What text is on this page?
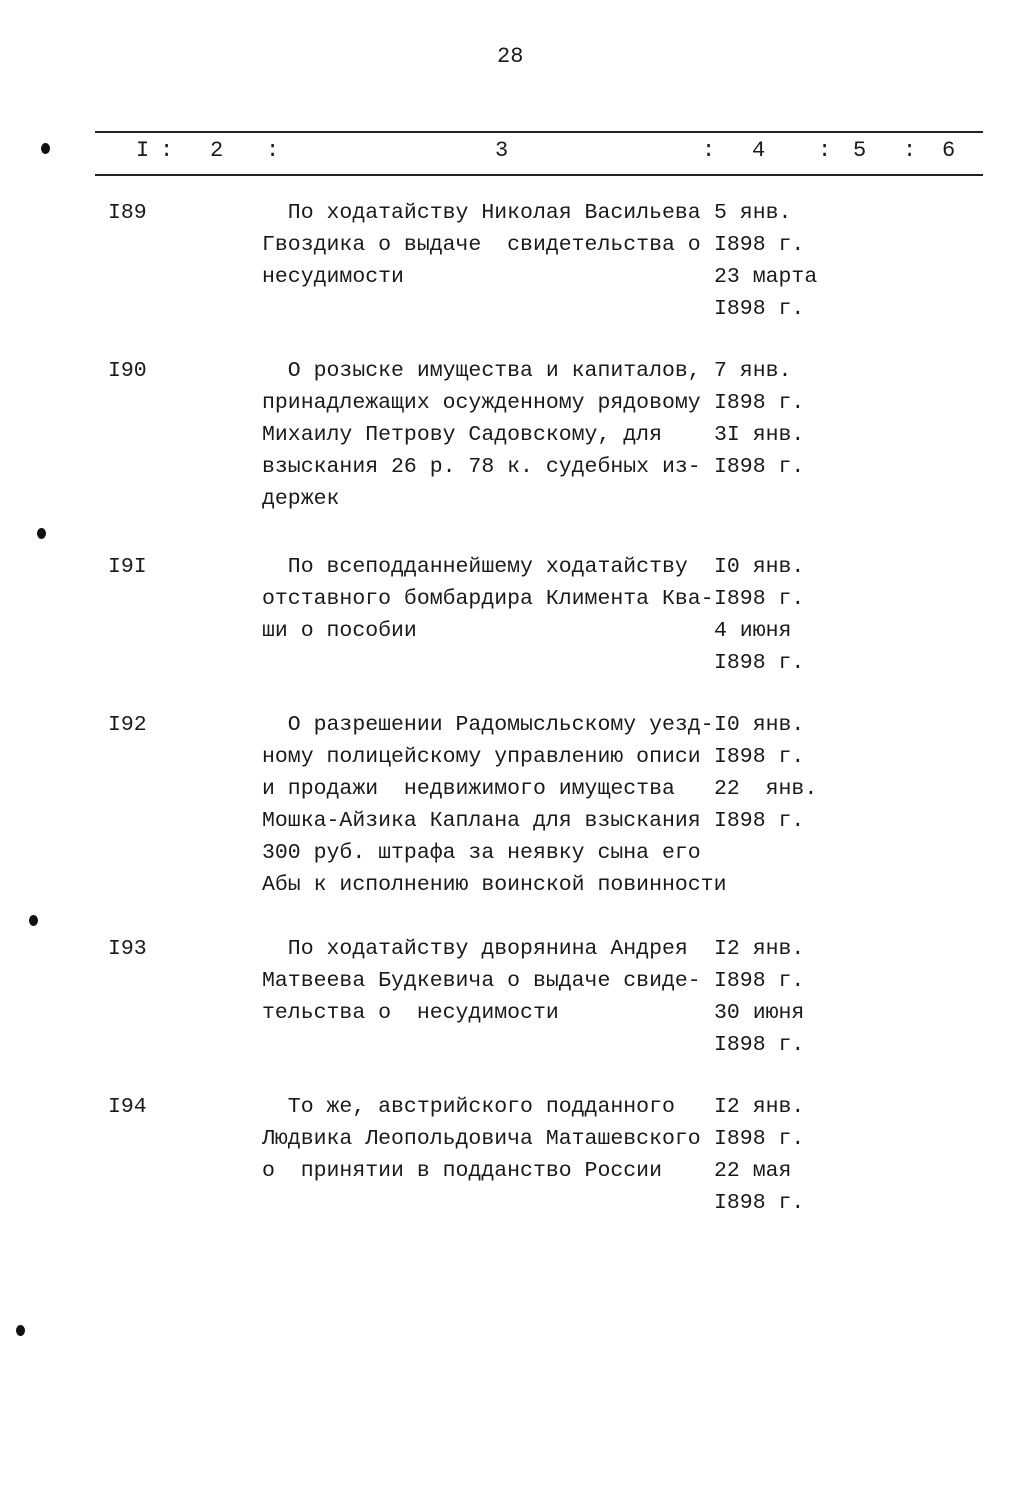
28
I : 2 :	3	: 4 : 5 : 6
I89	По ходатайству Николая Васильева
Гвоздика о выдаче  свидетельства о
несудимости
5 янв.
I898 г.
23 марта
I898 г.
I90	О розыске имущества и капиталов,
принадлежащих осужденному рядовому
Михаилу Петрову Садовскому, для
взыскания 26 р. 78 к. судебных из-
держек
7 янв.
I898 г.
3I янв.
I898 г.
I9I	По всеподданнейшему ходатайству
отставного бомбардира Климента Ква-
ши о пособии
I0 янв.
I898 г.
4 июня
I898 г.
I92	О разрешении Радомысльскому уезд-
ному полицейскому управлению описи
и продажи  недвижимого имущества
Мошка-Айзика Каплана для взыскания
300 руб. штрафа за неявку сына его
Абы к исполнению воинской повинности
I0 янв.
I898 г.
22  янв.
I898 г.
I93	По ходатайству дворянина Андрея
Матвеева Будкевича о выдаче свиде-
тельства о  несудимости
I2 янв.
I898 г.
30 июня
I898 г.
I94	То же, австрийского подданного
Людвика Леопольдовича Маташевского
о  принятии в подданство России
I2 янв.
I898 г.
22 мая
I898 г.
